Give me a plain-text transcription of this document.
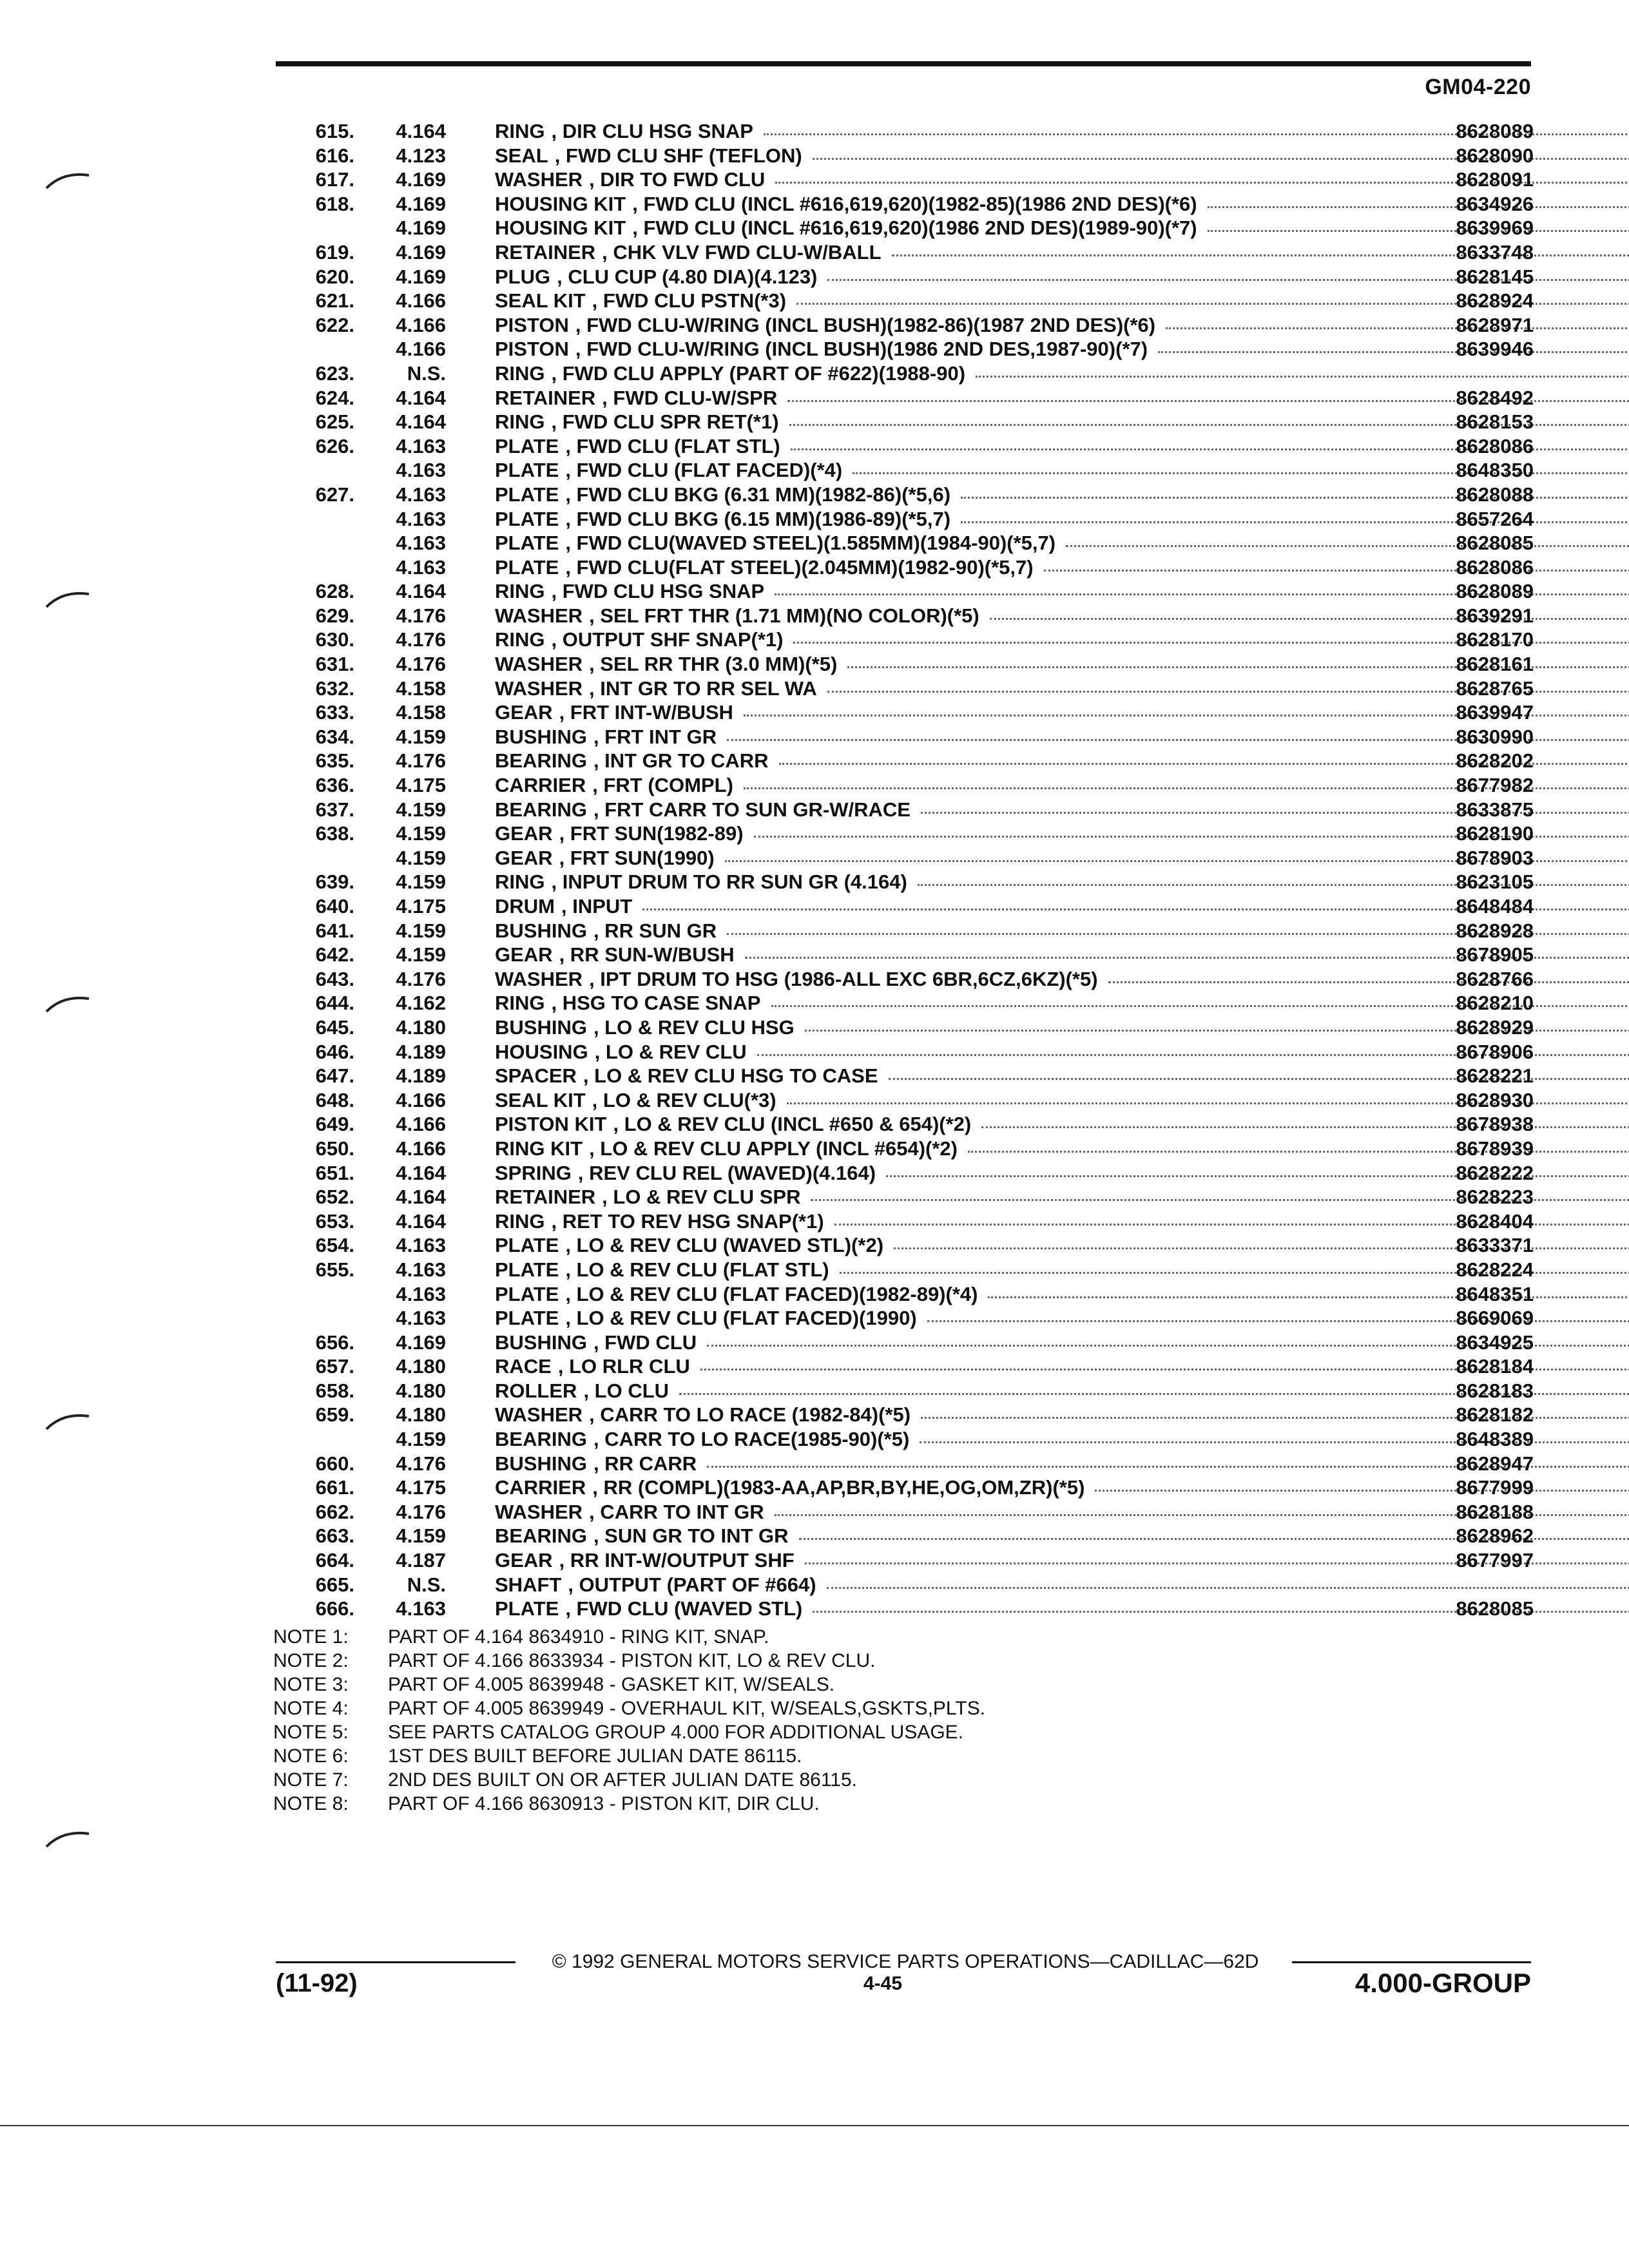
GM04-220
615.	4.164 RING , DIR CLU HSG SNAP	8628089
616.	4.123 SEAL , FWD CLU SHF (TEFLON)	8628090
617.	4.169 WASHER , DIR TO FWD CLU	8628091
618.	4.169 HOUSING KIT , FWD CLU (INCL #616,619,620)(1982-85)(1986 2ND DES)(*6)	8634926
4.169 HOUSING KIT , FWD CLU (INCL #616,619,620)(1986 2ND DES)(1989-90)(*7)	8639969
619.	4.169 RETAINER , CHK VLV FWD CLU-W/BALL	8633748
620.	4.169 PLUG , CLU CUP (4.80 DIA)(4.123)	8628145
621.	4.166 SEAL KIT , FWD CLU PSTN(*3)	8628924
622.	4.166 PISTON , FWD CLU-W/RING (INCL BUSH)(1982-86)(1987 2ND DES)(*6)	8628971
4.166 PISTON , FWD CLU-W/RING (INCL BUSH)(1986 2ND DES,1987-90)(*7)	8639946
623.	N.S. RING , FWD CLU APPLY (PART OF #622)(1988-90)
624.	4.164 RETAINER , FWD CLU-W/SPR	8628492
625.	4.164 RING , FWD CLU SPR RET(*1)	8628153
626.	4.163 PLATE , FWD CLU (FLAT STL)	8628086
4.163 PLATE , FWD CLU (FLAT FACED)(*4)	8648350
627.	4.163 PLATE , FWD CLU BKG (6.31 MM)(1982-86)(*5,6)	8628088
4.163 PLATE , FWD CLU BKG (6.15 MM)(1986-89)(*5,7)	8657264
4.163 PLATE , FWD CLU(WAVED STEEL)(1.585MM)(1984-90)(*5,7)	8628085
4.163 PLATE , FWD CLU(FLAT STEEL)(2.045MM)(1982-90)(*5,7)	8628086
628.	4.164 RING , FWD CLU HSG SNAP	8628089
629.	4.176 WASHER , SEL FRT THR (1.71 MM)(NO COLOR)(*5)	8639291
630.	4.176 RING , OUTPUT SHF SNAP(*1)	8628170
631.	4.176 WASHER , SEL RR THR (3.0 MM)(*5)	8628161
632.	4.158 WASHER , INT GR TO RR SEL WA	8628765
633.	4.158 GEAR , FRT INT-W/BUSH	8639947
634.	4.159 BUSHING , FRT INT GR	8630990
635.	4.176 BEARING , INT GR TO CARR	8628202
636.	4.175 CARRIER , FRT (COMPL)	8677982
637.	4.159 BEARING , FRT CARR TO SUN GR-W/RACE	8633875
638.	4.159 GEAR , FRT SUN(1982-89)	8628190
4.159 GEAR , FRT SUN(1990)	8678903
639.	4.159 RING , INPUT DRUM TO RR SUN GR (4.164)	8623105
640.	4.175 DRUM , INPUT	8648484
641.	4.159 BUSHING , RR SUN GR	8628928
642.	4.159 GEAR , RR SUN-W/BUSH	8678905
643.	4.176 WASHER , IPT DRUM TO HSG (1986-ALL EXC 6BR,6CZ,6KZ)(*5)	8628766
644.	4.162 RING , HSG TO CASE SNAP	8628210
645.	4.180 BUSHING , LO & REV CLU HSG	8628929
646.	4.189 HOUSING , LO & REV CLU	8678906
647.	4.189 SPACER , LO & REV CLU HSG TO CASE	8628221
648.	4.166 SEAL KIT , LO & REV CLU(*3)	8628930
649.	4.166 PISTON KIT , LO & REV CLU (INCL #650 & 654)(*2)	8678938
650.	4.166 RING KIT , LO & REV CLU APPLY (INCL #654)(*2)	8678939
651.	4.164 SPRING , REV CLU REL (WAVED)(4.164)	8628222
652.	4.164 RETAINER , LO & REV CLU SPR	8628223
653.	4.164 RING , RET TO REV HSG SNAP(*1)	8628404
654.	4.163 PLATE , LO & REV CLU (WAVED STL)(*2)	8633371
655.	4.163 PLATE , LO & REV CLU (FLAT STL)	8628224
4.163 PLATE , LO & REV CLU (FLAT FACED)(1982-89)(*4)	8648351
4.163 PLATE , LO & REV CLU (FLAT FACED)(1990)	8669069
656.	4.169 BUSHING , FWD CLU	8634925
657.	4.180 RACE , LO RLR CLU	8628184
658.	4.180 ROLLER , LO CLU	8628183
659.	4.180 WASHER , CARR TO LO RACE (1982-84)(*5)	8628182
4.159 BEARING , CARR TO LO RACE(1985-90)(*5)	8648389
660.	4.176 BUSHING , RR CARR	8628947
661.	4.175 CARRIER , RR (COMPL)(1983-AA,AP,BR,BY,HE,OG,OM,ZR)(*5)	8677999
662.	4.176 WASHER , CARR TO INT GR	8628188
663.	4.159 BEARING , SUN GR TO INT GR	8628962
664.	4.187 GEAR , RR INT-W/OUTPUT SHF	8677997
665.	N.S. SHAFT , OUTPUT (PART OF #664)
666.	4.163 PLATE , FWD CLU (WAVED STL)	8628085
NOTE 1:	PART OF 4.164 8634910 - RING KIT, SNAP.
NOTE 2:	PART OF 4.166 8633934 - PISTON KIT, LO & REV CLU.
NOTE 3:	PART OF 4.005 8639948 - GASKET KIT, W/SEALS.
NOTE 4:	PART OF 4.005 8639949 - OVERHAUL KIT, W/SEALS,GSKTS,PLTS.
NOTE 5:	SEE PARTS CATALOG GROUP 4.000 FOR ADDITIONAL USAGE.
NOTE 6:	1ST DES BUILT BEFORE JULIAN DATE 86115.
NOTE 7:	2ND DES BUILT ON OR AFTER JULIAN DATE 86115.
NOTE 8:	PART OF 4.166 8630913 - PISTON KIT, DIR CLU.
© 1992 GENERAL MOTORS SERVICE PARTS OPERATIONS—CADILLAC—62D
(11-92)	4-45	4.000-GROUP
